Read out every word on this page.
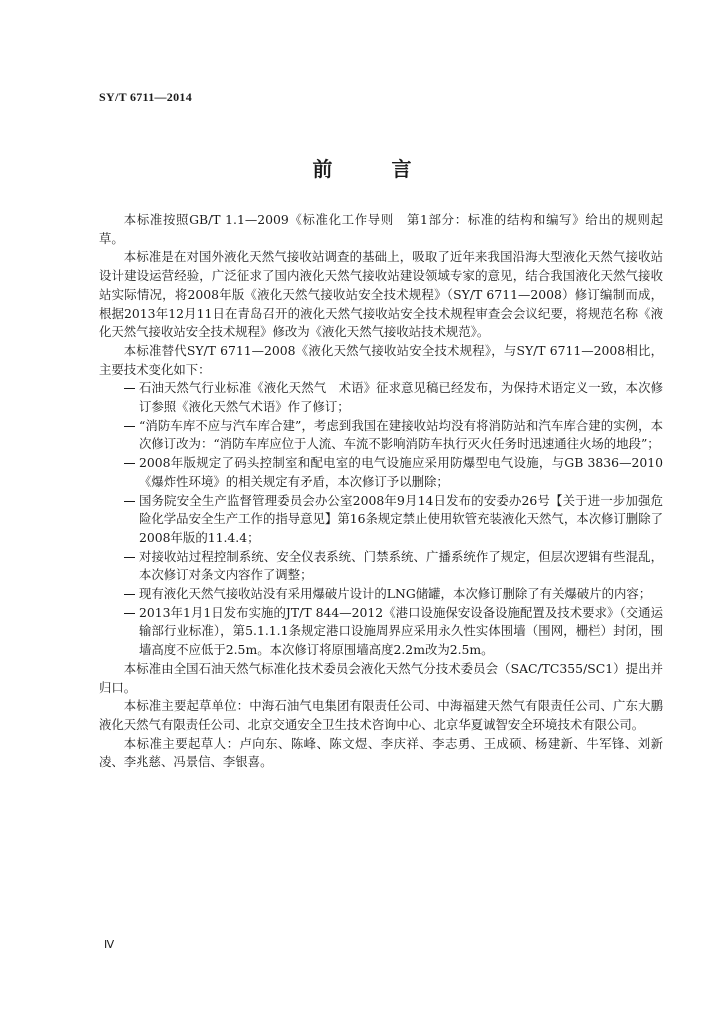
SY/T 6711—2014
前 言

本标准按照GB/T 1.1—2009《标准化工作导则　第1部分：标准的结构和编写》给出的规则起草。

本标准是在对国外液化天然气接收站调查的基础上，吸取了近年来我国沿海大型液化天然气接收站设计建设运营经验，广泛征求了国内液化天然气接收站建设领域专家的意见，结合我国液化天然气接收站实际情况，将2008年版《液化天然气接收站安全技术规程》（SY/T 6711—2008）修订编制而成，根据2013年12月11日在青岛召开的液化天然气接收站安全技术规程审查会会议纪要，将规范名称《液化天然气接收站安全技术规程》修改为《液化天然气接收站技术规范》。

本标准替代SY/T 6711—2008《液化天然气接收站安全技术规程》，与SY/T 6711—2008相比，主要技术变化如下：

石油天然气行业标准《液化天然气　术语》征求意见稿已经发布，为保持术语定义一致，本次修订参照《液化天然气术语》作了修订；

“消防车库不应与汽车库合建”，考虑到我国在建接收站均没有将消防站和汽车库合建的实例，本次修订改为：“消防车库应位于人流、车流不影响消防车执行灭火任务时迅速通往火场的地段”；

2008年版规定了码头控制室和配电室的电气设施应采用防爆型电气设施，与GB 3836—2010《爆炸性环境》的相关规定有矛盾，本次修订予以删除；

国务院安全生产监督管理委员会办公室2008年9月14日发布的安委办26号【关于进一步加强危险化学品安全生产工作的指导意见】第16条规定禁止使用软管充装液化天然气，本次修订删除了2008年版的11.4.4；

对接收站过程控制系统、安全仪表系统、门禁系统、广播系统作了规定，但层次逻辑有些混乱，本次修订对条文内容作了调整；

现有液化天然气接收站没有采用爆破片设计的LNG储罐，本次修订删除了有关爆破片的内容；

2013年1月1日发布实施的JT/T 844—2012《港口设施保安设备设施配置及技术要求》（交通运输部行业标准），第5.1.1.1条规定港口设施周界应采用永久性实体围墙（围网，栅栏）封闭，围墙高度不应低于2.5m。本次修订将原围墙高度2.2m改为2.5m。

本标准由全国石油天然气标准化技术委员会液化天然气分技术委员会（SAC/TC355/SC1）提出并归口。

本标准主要起草单位：中海石油气电集团有限责任公司、中海福建天然气有限责任公司、广东大鹏液化天然气有限责任公司、北京交通安全卫生技术咨询中心、北京华夏诚智安全环境技术有限公司。

本标准主要起草人：卢向东、陈峰、陈文煜、李庆祥、李志勇、王成硕、杨建新、牛军锋、刘新凌、李兆慈、冯景信、李银喜。

Ⅳ
